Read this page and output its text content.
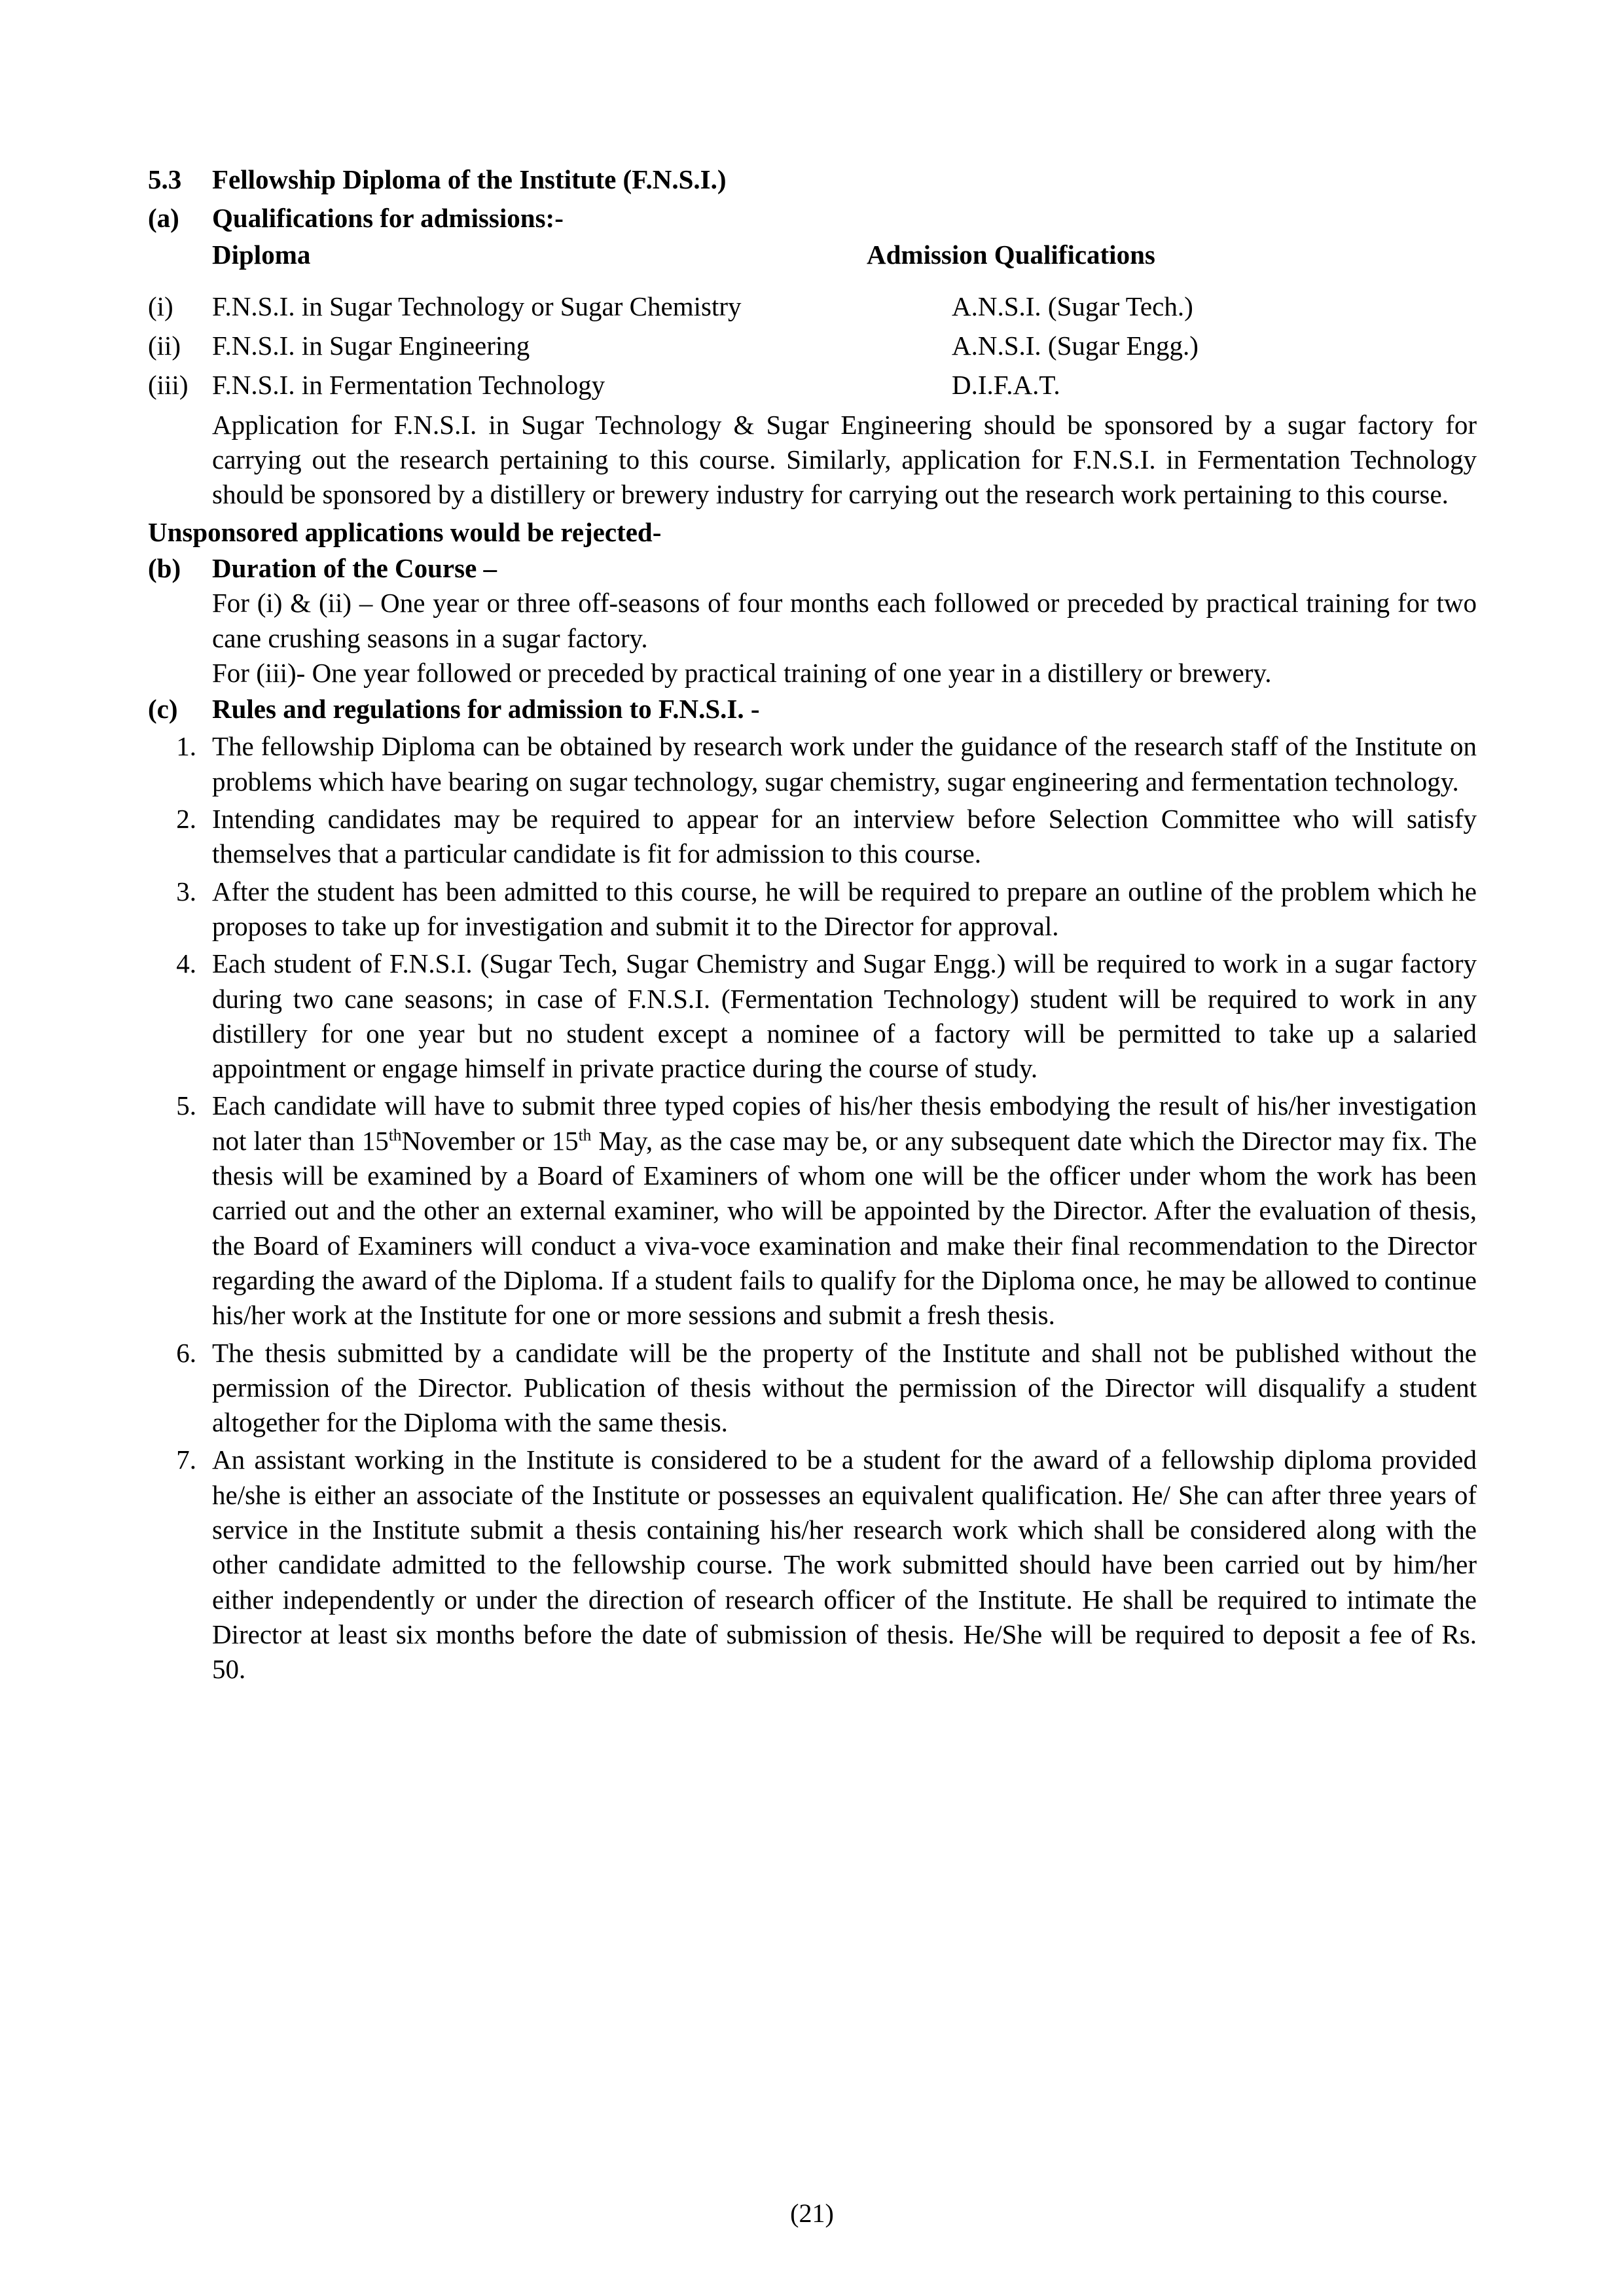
5.3	Fellowship Diploma of the Institute (F.N.S.I.)
(a)	Qualifications for admissions:-
Diploma	Admission Qualifications
(i)	F.N.S.I. in Sugar Technology or Sugar Chemistry	A.N.S.I. (Sugar Tech.)
(ii)	F.N.S.I. in Sugar Engineering	A.N.S.I. (Sugar Engg.)
(iii) F.N.S.I. in Fermentation Technology	D.I.F.A.T.
Application for F.N.S.I. in Sugar Technology & Sugar Engineering should be sponsored by a sugar factory for carrying out the research pertaining to this course. Similarly, application for F.N.S.I. in Fermentation Technology should be sponsored by a distillery or brewery industry for carrying out the research work pertaining to this course.
Unsponsored applications would be rejected-
(b)	Duration of the Course –
For (i) & (ii) – One year or three off-seasons of four months each followed or preceded by practical training for two cane crushing seasons in a sugar factory.
For (iii)- One year followed or preceded by practical training of one year in a distillery or brewery.
(c)	Rules and regulations for admission to F.N.S.I. -
1. The fellowship Diploma can be obtained by research work under the guidance of the research staff of the Institute on problems which have bearing on sugar technology, sugar chemistry, sugar engineering and fermentation technology.
2. Intending candidates may be required to appear for an interview before Selection Committee who will satisfy themselves that a particular candidate is fit for admission to this course.
3. After the student has been admitted to this course, he will be required to prepare an outline of the problem which he proposes to take up for investigation and submit it to the Director for approval.
4. Each student of F.N.S.I. (Sugar Tech, Sugar Chemistry and Sugar Engg.) will be required to work in a sugar factory during two cane seasons; in case of F.N.S.I. (Fermentation Technology) student will be required to work in any distillery for one year but no student except a nominee of a factory will be permitted to take up a salaried appointment or engage himself in private practice during the course of study.
5. Each candidate will have to submit three typed copies of his/her thesis embodying the result of his/her investigation not later than 15thNovember or 15th May, as the case may be, or any subsequent date which the Director may fix. The thesis will be examined by a Board of Examiners of whom one will be the officer under whom the work has been carried out and the other an external examiner, who will be appointed by the Director. After the evaluation of thesis, the Board of Examiners will conduct a viva-voce examination and make their final recommendation to the Director regarding the award of the Diploma. If a student fails to qualify for the Diploma once, he may be allowed to continue his/her work at the Institute for one or more sessions and submit a fresh thesis.
6. The thesis submitted by a candidate will be the property of the Institute and shall not be published without the permission of the Director. Publication of thesis without the permission of the Director will disqualify a student altogether for the Diploma with the same thesis.
7. An assistant working in the Institute is considered to be a student for the award of a fellowship diploma provided he/she is either an associate of the Institute or possesses an equivalent qualification. He/ She can after three years of service in the Institute submit a thesis containing his/her research work which shall be considered along with the other candidate admitted to the fellowship course. The work submitted should have been carried out by him/her either independently or under the direction of research officer of the Institute. He shall be required to intimate the Director at least six months before the date of submission of thesis. He/She will be required to deposit a fee of Rs. 50.
(21)
